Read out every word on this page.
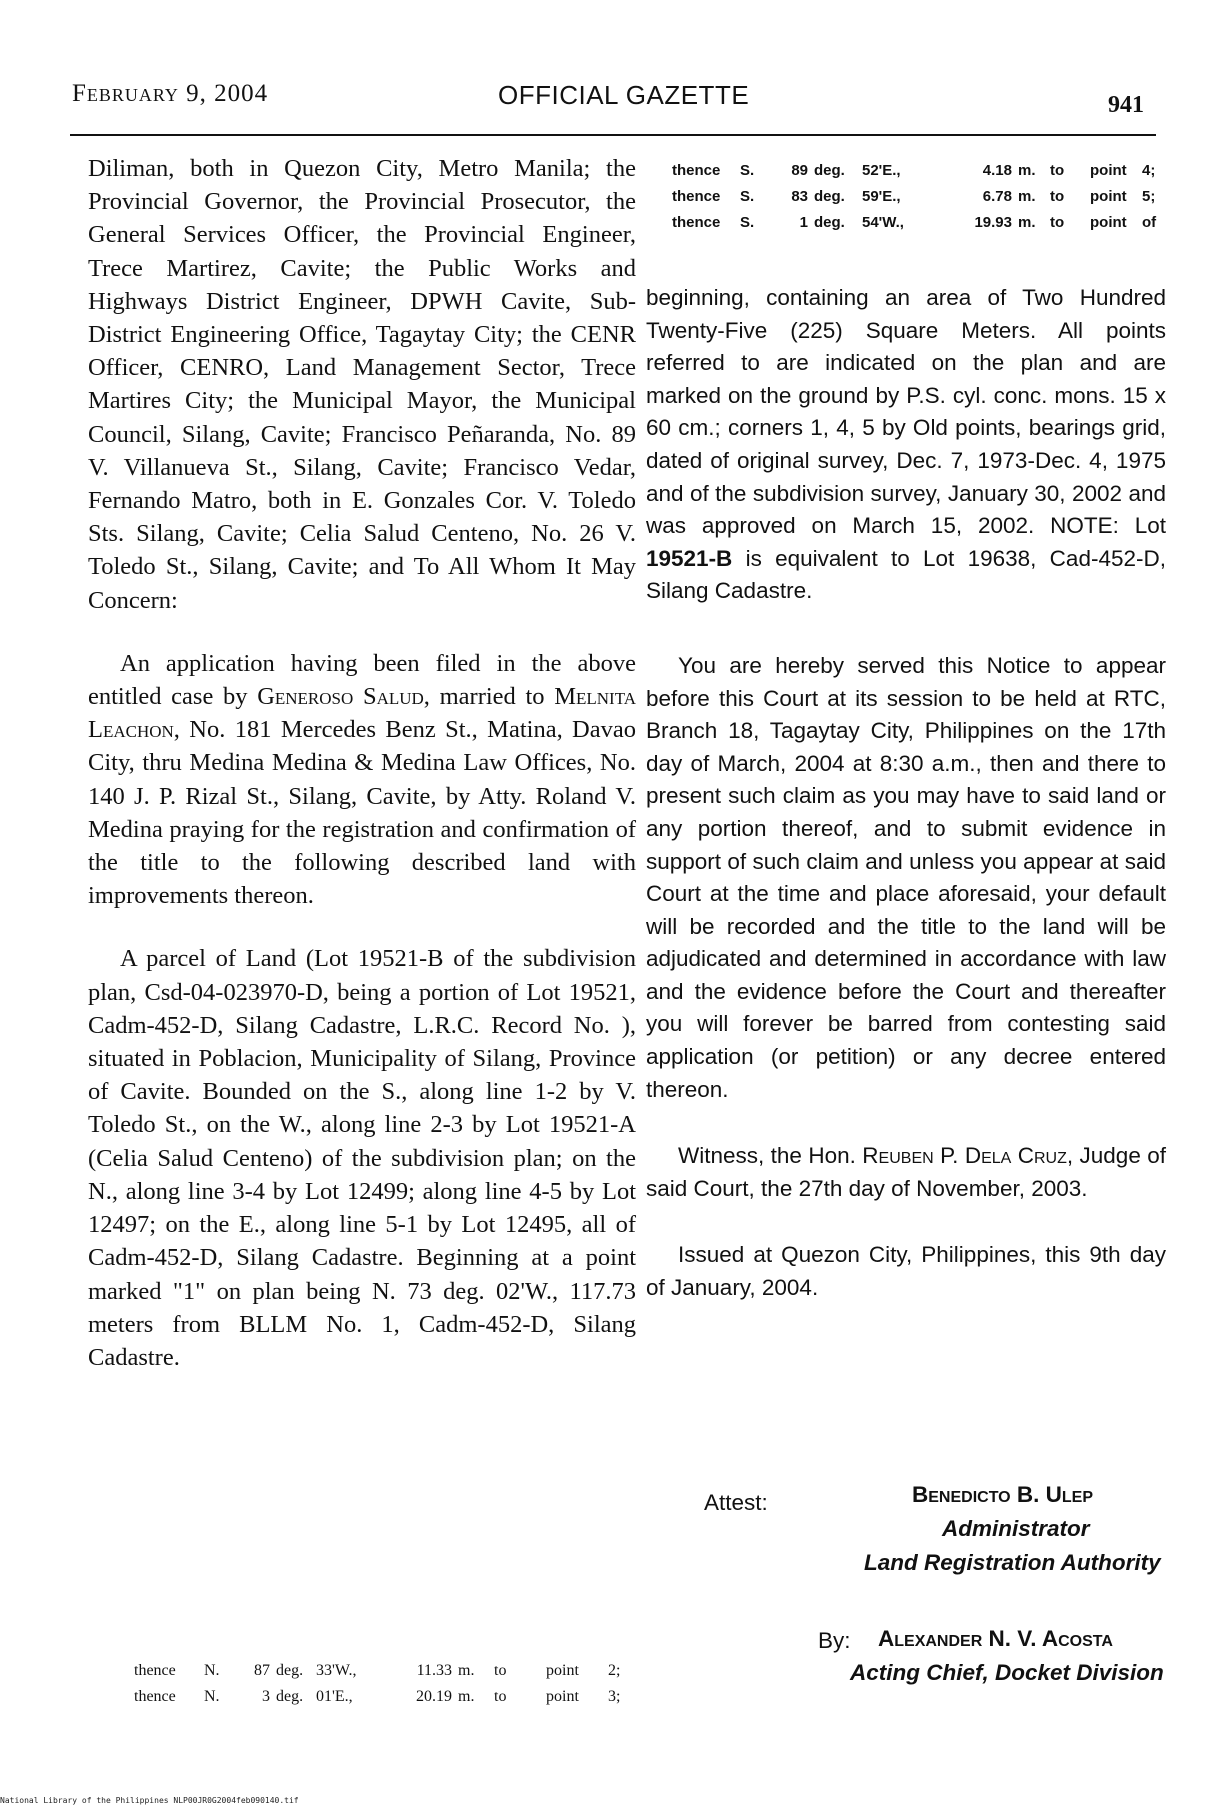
February 9, 2004	OFFICIAL GAZETTE	941

Diliman, both in Quezon City, Metro Manila; the Provincial Governor, the Provincial Prosecutor, the General Services Officer, the Provincial Engineer, Trece Martirez, Cavite; the Public Works and Highways District Engineer, DPWH Cavite, Sub-District Engineering Office, Tagaytay City; the CENR Officer, CENRO, Land Management Sector, Trece Martires City; the Municipal Mayor, the Municipal Council, Silang, Cavite; Francisco Peñaranda, No. 89 V. Villanueva St., Silang, Cavite; Francisco Vedar, Fernando Matro, both in E. Gonzales Cor. V. Toledo Sts. Silang, Cavite; Celia Salud Centeno, No. 26 V. Toledo St., Silang, Cavite; and To All Whom It May Concern:

An application having been filed in the above entitled case by Generoso Salud, married to Melnita Leachon, No. 181 Mercedes Benz St., Matina, Davao City, thru Medina Medina & Medina Law Offices, No. 140 J. P. Rizal St., Silang, Cavite, by Atty. Roland V. Medina praying for the registration and confirmation of the title to the following described land with improvements thereon.

A parcel of Land (Lot 19521-B of the subdivision plan, Csd-04-023970-D, being a portion of Lot 19521, Cadm-452-D, Silang Cadastre, L.R.C. Record No. ), situated in Poblacion, Municipality of Silang, Province of Cavite. Bounded on the S., along line 1-2 by V. Toledo St., on the W., along line 2-3 by Lot 19521-A (Celia Salud Centeno) of the subdivision plan; on the N., along line 3-4 by Lot 12499; along line 4-5 by Lot 12497; on the E., along line 5-1 by Lot 12495, all of Cadm-452-D, Silang Cadastre. Beginning at a point marked "1" on plan being N. 73 deg. 02'W., 117.73 meters from BLLM No. 1, Cadm-452-D, Silang Cadastre.

thence	S.	89 deg.	52'E.,	4.18 m. to	point	4;
thence	S.	83 deg.	59'E.,	6.78 m. to	point	5;
thence	S.	1 deg.	54'W.,	19.93 m. to	point	of
thence	N.	87 deg. 33'W.,	11.33 m.	to	point	2;
thence	N.	3 deg. 01'E.,	20.19 m.	to	point	3;

beginning, containing an area of Two Hundred Twenty-Five (225) Square Meters. All points referred to are indicated on the plan and are marked on the ground by P.S. cyl. conc. mons. 15 x 60 cm.; corners 1, 4, 5 by Old points, bearings grid, dated of original survey, Dec. 7, 1973-Dec. 4, 1975 and of the subdivision survey, January 30, 2002 and was approved on March 15, 2002. NOTE: Lot 19521-B is equivalent to Lot 19638, Cad-452-D, Silang Cadastre.

You are hereby served this Notice to appear before this Court at its session to be held at RTC, Branch 18, Tagaytay City, Philippines on the 17th day of March, 2004 at 8:30 a.m., then and there to present such claim as you may have to said land or any portion thereof, and to submit evidence in support of such claim and unless you appear at said Court at the time and place aforesaid, your default will be recorded and the title to the land will be adjudicated and determined in accordance with law and the evidence before the Court and thereafter you will forever be barred from contesting said application (or petition) or any decree entered thereon.

Witness, the Hon. Reuben P. Dela Cruz, Judge of said Court, the 27th day of November, 2003.

Issued at Quezon City, Philippines, this 9th day of January, 2004.

Attest:	Benedicto B. Ulep
Administrator
Land Registration Authority
By: Alexander N. V. Acosta
Acting Chief, Docket Division
National Library of the Philippines NLP00JR0G2004feb090140.tif
